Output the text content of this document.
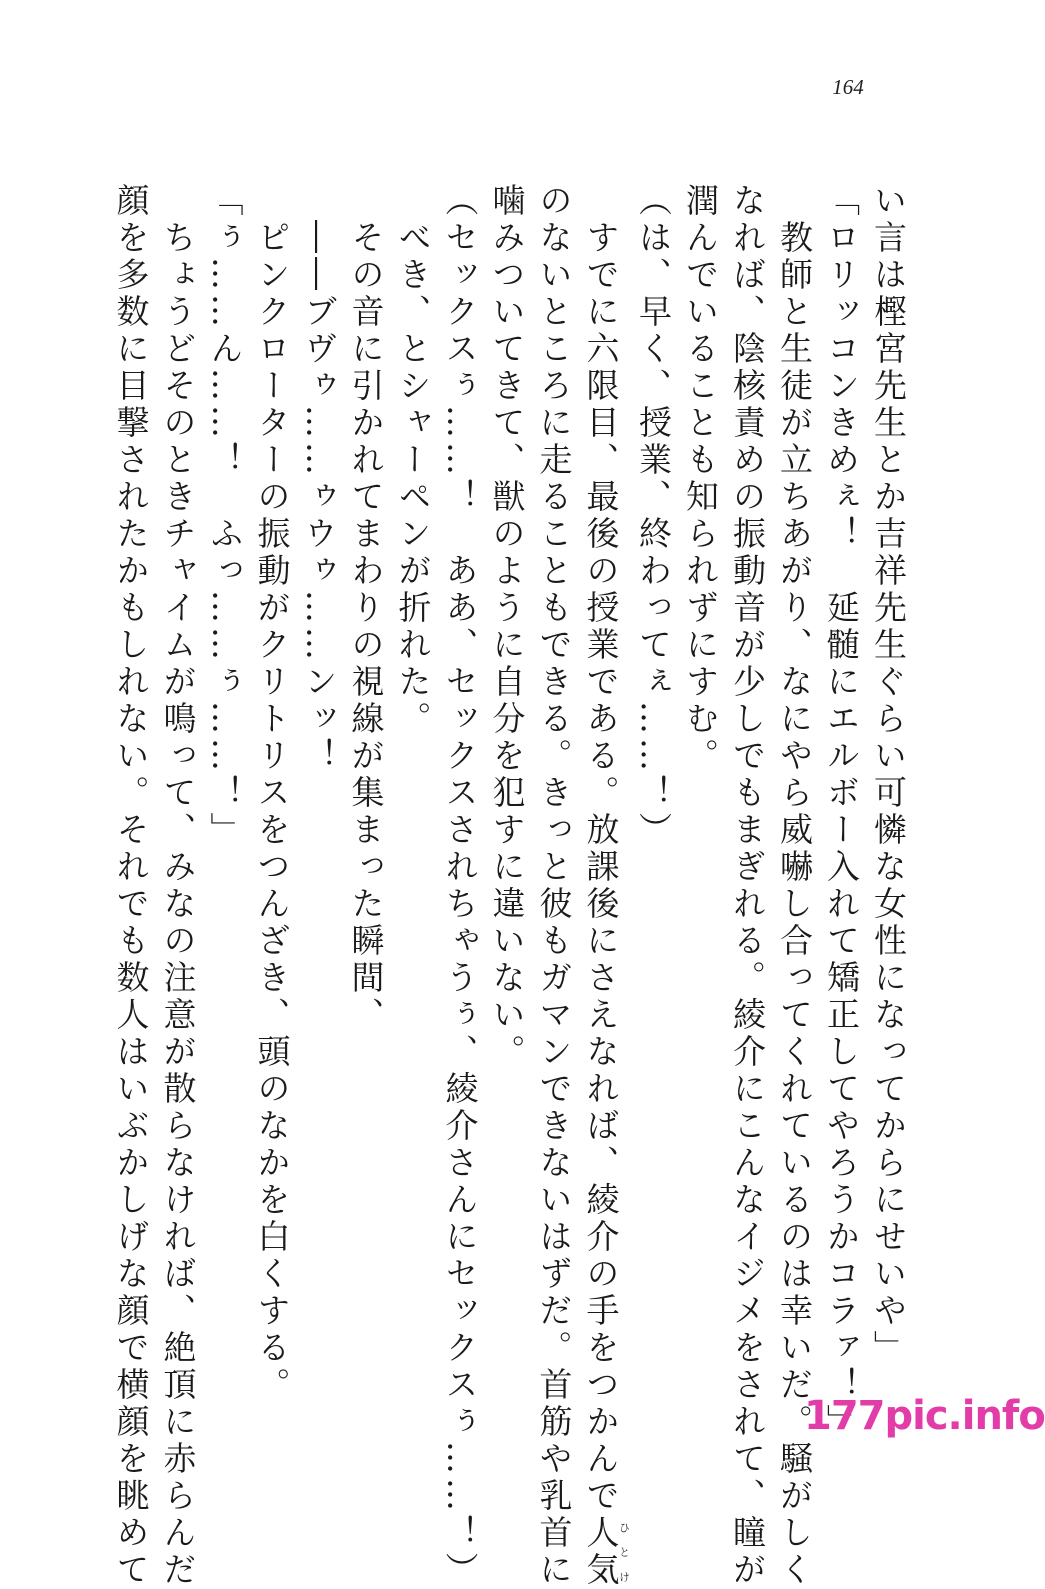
164
い言は樫宮先生とか吉祥先生ぐらい可憐な女性になってからにせいや」
「ロリッコンきめぇ！　延髄にエルボー入れて矯正してやろうかコラァ！」
　教師と生徒が立ちあがり、なにやら威嚇し合ってくれているのは幸いだ。騒がしく
なれば、陰核責めの振動音が少しでもまぎれる。綾介にこんなイジメをされて、瞳が
潤んでいることも知られずにすむ。
（は、早く、授業、終わってぇ……！）
　すでに六限目、最後の授業である。放課後にさえなれば、綾介の手をつかんで人気ひとけ
のないところに走ることもできる。きっと彼もガマンできないはずだ。首筋や乳首に
噛みついてきて、獣のように自分を犯すに違いない。
（セックスぅ……！　ああ、セックスされちゃうぅ、綾介さんにセックスぅ……！）
　べき、とシャーペンが折れた。
　その音に引かれてまわりの視線が集まった瞬間、
　――ブヴゥ……ゥウゥ……ンッ！
　ピンクローターの振動がクリトリスをつんざき、頭のなかを白くする。
「ぅ……ん……！　ふっ……ぅ……！」
　ちょうどそのときチャイムが鳴って、みなの注意が散らなければ、絶頂に赤らんだ
顔を多数に目撃されたかもしれない。それでも数人はいぶかしげな顔で横顔を眺めて	177pic.info
